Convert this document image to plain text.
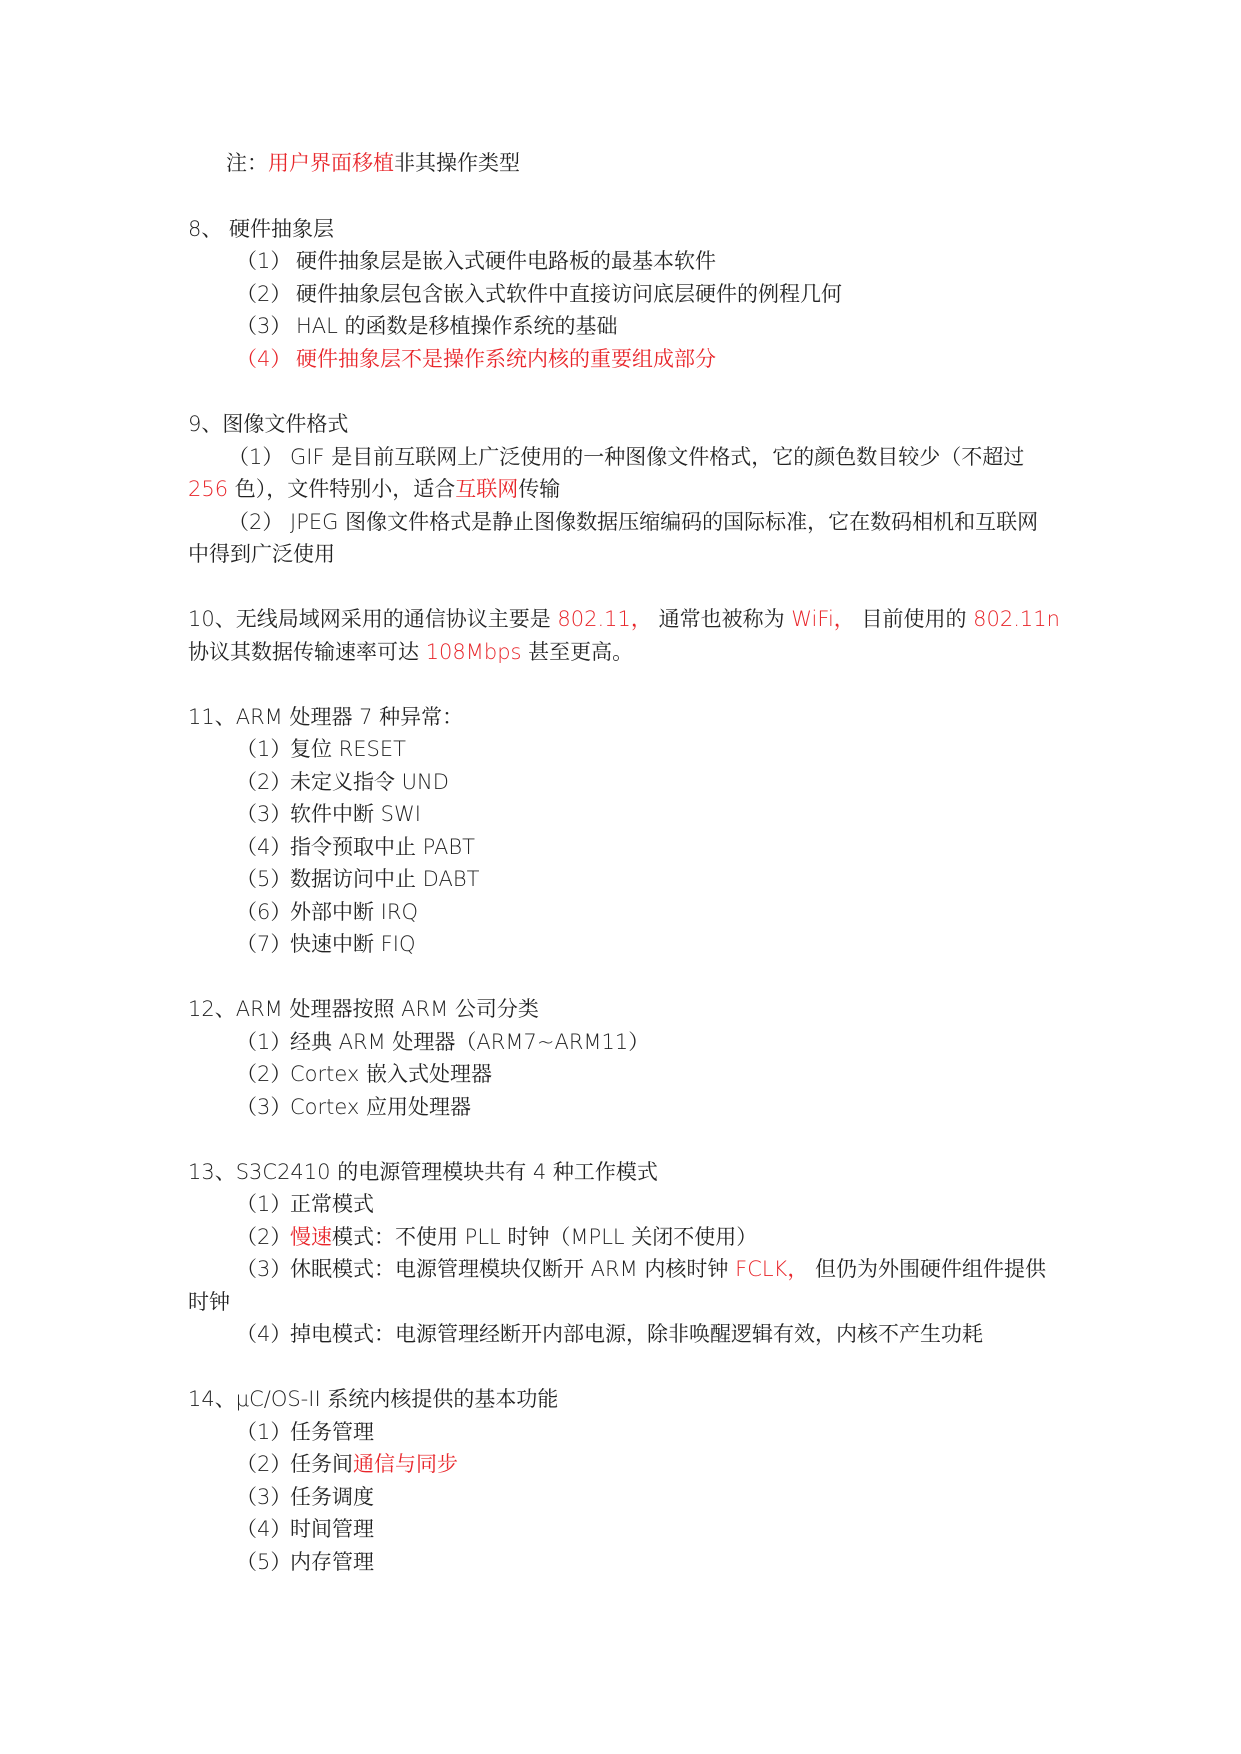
注：用户界面移植非其操作类型
8、 硬件抽象层
（1） 硬件抽象层是嵌入式硬件电路板的最基本软件
（2） 硬件抽象层包含嵌入式软件中直接访问底层硬件的例程几何
（3） HAL 的函数是移植操作系统的基础
（4） 硬件抽象层不是操作系统内核的重要组成部分
9、图像文件格式
（1） GIF 是目前互联网上广泛使用的一种图像文件格式，它的颜色数目较少（不超过
256 色），文件特别小，适合互联网传输
（2） JPEG 图像文件格式是静止图像数据压缩编码的国际标准，它在数码相机和互联网
中得到广泛使用
10、无线局域网采用的通信协议主要是 802.11， 通常也被称为 WiFi， 目前使用的 802.11n
协议其数据传输速率可达 108Mbps 甚至更高。
11、ARM 处理器 7 种异常：
（1）复位 RESET
（2）未定义指令 UND
（3）软件中断 SWI
（4）指令预取中止 PABT
（5）数据访问中止 DABT
（6）外部中断 IRQ
（7）快速中断 FIQ
12、ARM 处理器按照 ARM 公司分类
（1）经典 ARM 处理器（ARM7~ARM11）
（2）Cortex 嵌入式处理器
（3）Cortex 应用处理器
13、S3C2410 的电源管理模块共有 4 种工作模式
（1）正常模式
（2）慢速模式：不使用 PLL 时钟（MPLL 关闭不使用）
（3）休眠模式：电源管理模块仅断开 ARM 内核时钟 FCLK， 但仍为外围硬件组件提供
时钟
（4）掉电模式：电源管理经断开内部电源，除非唤醒逻辑有效，内核不产生功耗
14、μC/OS-II 系统内核提供的基本功能
（1）任务管理
（2）任务间通信与同步
（3）任务调度
（4）时间管理
（5）内存管理
